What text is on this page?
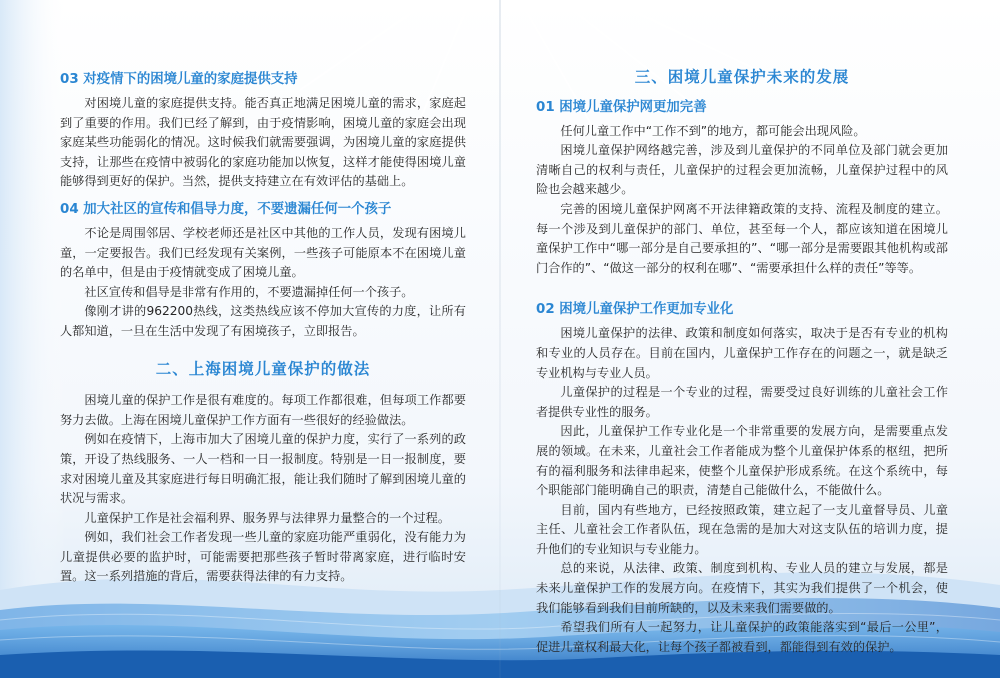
03 对疫情下的困境儿童的家庭提供支持

对困境儿童的家庭提供支持。能否真正地满足困境儿童的需求，家庭起到了重要的作用。我们已经了解到，由于疫情影响，困境儿童的家庭会出现家庭某些功能弱化的情况。这时候我们就需要强调，为困境儿童的家庭提供支持，让那些在疫情中被弱化的家庭功能加以恢复，这样才能使得困境儿童能够得到更好的保护。当然，提供支持建立在有效评估的基础上。

04 加大社区的宣传和倡导力度，不要遗漏任何一个孩子

不论是周围邻居、学校老师还是社区中其他的工作人员，发现有困境儿童，一定要报告。我们已经发现有关案例，一些孩子可能原本不在困境儿童的名单中，但是由于疫情就变成了困境儿童。

社区宣传和倡导是非常有作用的，不要遗漏掉任何一个孩子。

像刚才讲的962200热线，这类热线应该不停加大宣传的力度，让所有人都知道，一旦在生活中发现了有困境孩子，立即报告。

二、上海困境儿童保护的做法

困境儿童的保护工作是很有难度的。每项工作都很难，但每项工作都要努力去做。上海在困境儿童保护工作方面有一些很好的经验做法。

例如在疫情下，上海市加大了困境儿童的保护力度，实行了一系列的政策，开设了热线服务、一人一档和一日一报制度。特别是一日一报制度，要求对困境儿童及其家庭进行每日明确汇报，能让我们随时了解到困境儿童的状况与需求。

儿童保护工作是社会福利界、服务界与法律界力量整合的一个过程。

例如，我们社会工作者发现一些儿童的家庭功能严重弱化，没有能力为儿童提供必要的监护时，可能需要把那些孩子暂时带离家庭，进行临时安置。这一系列措施的背后，需要获得法律的有力支持。

三、困境儿童保护未来的发展
01 困境儿童保护网更加完善

任何儿童工作中“工作不到”的地方，都可能会出现风险。

困境儿童保护网络越完善，涉及到儿童保护的不同单位及部门就会更加清晰自己的权利与责任，儿童保护的过程会更加流畅，儿童保护过程中的风险也会越来越少。

完善的困境儿童保护网离不开法律籍政策的支持、流程及制度的建立。每一个涉及到儿童保护的部门、单位，甚至每一个人，都应该知道在困境儿童保护工作中“哪一部分是自己要承担的”、“哪一部分是需要跟其他机构或部门合作的”、“做这一部分的权利在哪”、“需要承担什么样的责任”等等。

02 困境儿童保护工作更加专业化

困境儿童保护的法律、政策和制度如何落实，取决于是否有专业的机构和专业的人员存在。目前在国内，儿童保护工作存在的问题之一，就是缺乏专业机构与专业人员。

儿童保护的过程是一个专业的过程，需要受过良好训练的儿童社会工作者提供专业性的服务。

因此，儿童保护工作专业化是一个非常重要的发展方向，是需要重点发展的领域。在未来，儿童社会工作者能成为整个儿童保护体系的枢纽，把所有的福利服务和法律串起来，使整个儿童保护形成系统。在这个系统中，每个职能部门能明确自己的职责，清楚自己能做什么，不能做什么。

目前，国内有些地方，已经按照政策，建立起了一支儿童督导员、儿童主任、儿童社会工作者队伍，现在急需的是加大对这支队伍的培训力度，提升他们的专业知识与专业能力。

总的来说，从法律、政策、制度到机构、专业人员的建立与发展，都是未来儿童保护工作的发展方向。在疫情下，其实为我们提供了一个机会，使我们能够看到我们目前所缺的，以及未来我们需要做的。

希望我们所有人一起努力，让儿童保护的政策能落实到“最后一公里”，促进儿童权利最大化，让每个孩子都被看到，都能得到有效的保护。
